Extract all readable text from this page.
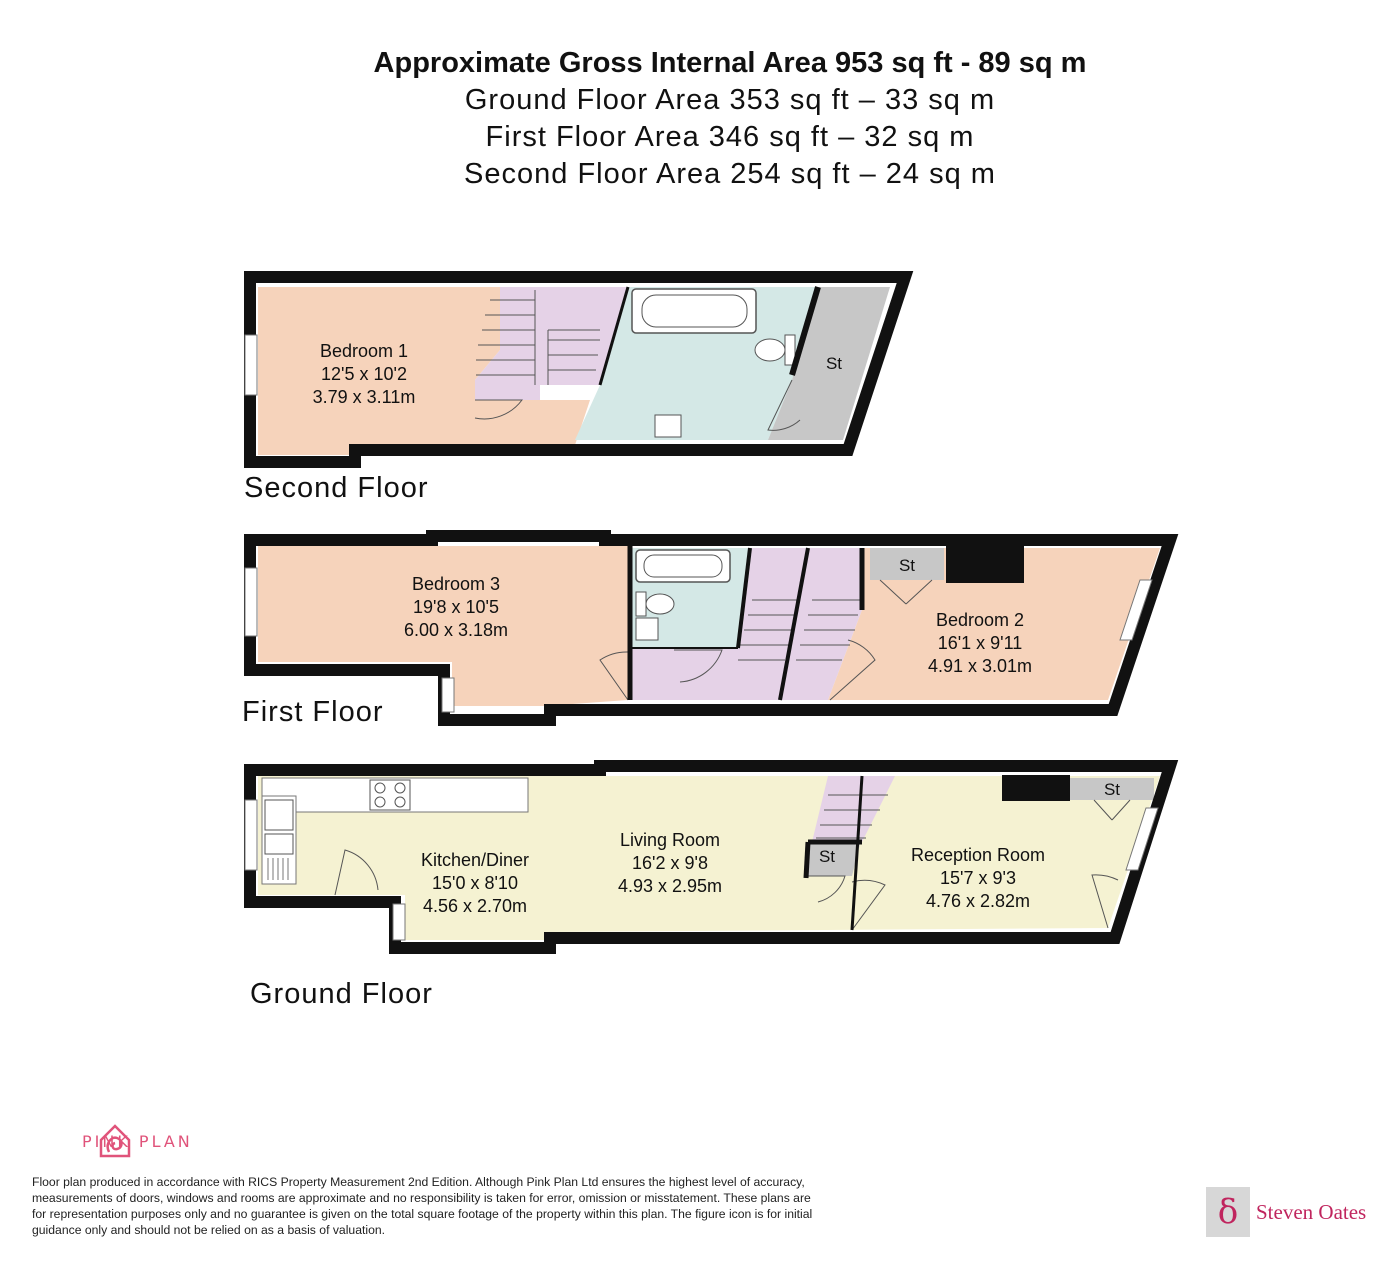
Approximate Gross Internal Area 953 sq ft - 89 sq m
Ground Floor Area 353 sq ft – 33 sq m
First Floor Area 346 sq ft – 32 sq m
Second Floor Area 254 sq ft – 24 sq m
Bedroom 1
12'5 x 10'2
3.79 x 3.11m
St
Second Floor
Bedroom 3
19'8 x 10'5
6.00 x 3.18m	Bedroom 2
16'1 x 9'11
4.91 x 3.01m
St
First Floor
Kitchen/Diner
15'0 x 8'10
4.56 x 2.70m
Living Room
16'2 x 9'8
4.93 x 2.95m
Reception Room
15'7 x 9'3
4.76 x 2.82m
St
St
Ground Floor
PINK PLAN
Floor plan produced in accordance with RICS Property Measurement 2nd Edition. Although Pink Plan Ltd ensures the highest level of accuracy, measurements of doors, windows and rooms are approximate and no responsibility is taken for error, omission or misstatement. These plans are for representation purposes only and no guarantee is given on the total square footage of the property within this plan. The figure icon is for initial guidance only and should not be relied on as a basis of valuation.	δ Steven Oates
